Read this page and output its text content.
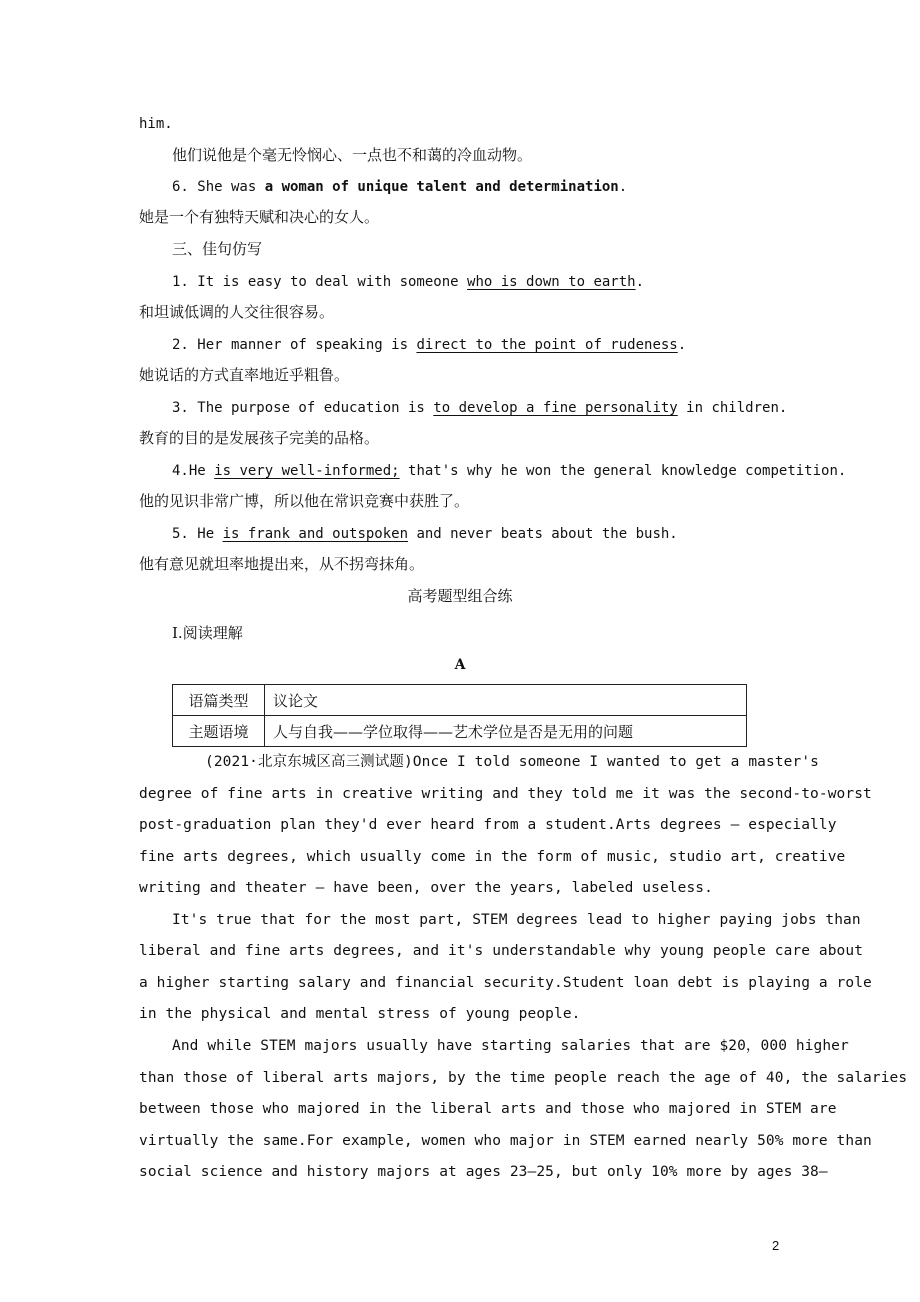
him.
他们说他是个毫无怜悯心、一点也不和蔼的冷血动物。
6. She was a woman of unique talent and determination.
她是一个有独特天赋和决心的女人。
三、佳句仿写
1. It is easy to deal with someone who is down to earth.
和坦诚低调的人交往很容易。
2. Her manner of speaking is direct to the point of rudeness.
她说话的方式直率地近乎粗鲁。
3. The purpose of education is to develop a fine personality in children.
教育的目的是发展孩子完美的品格。
4.He is very well-informed; that's why he won the general knowledge competition.
他的见识非常广博，所以他在常识竞赛中获胜了。
5. He is frank and outspoken and never beats about the bush.
他有意见就坦率地提出来，从不拐弯抹角。
高考题型组合练
Ⅰ.阅读理解
A
语篇类型	议论文
主题语境	人与自我——学位取得——艺术学位是否是无用的问题
(2021·北京东城区高三测试题)Once I told someone I wanted to get a master's
degree of fine arts in creative writing and they told me it was the second-to-worst
post-graduation plan they'd ever heard from a student.Arts degrees — especially
fine arts degrees, which usually come in the form of music, studio art, creative
writing and theater — have been, over the years, labeled useless.
It's true that for the most part, STEM degrees lead to higher paying jobs than
liberal and fine arts degrees, and it's understandable why young people care about
a higher starting salary and financial security.Student loan debt is playing a role
in the physical and mental stress of young people.
And while STEM majors usually have starting salaries that are $20，000 higher
than those of liberal arts majors, by the time people reach the age of 40, the salaries
between those who majored in the liberal arts and those who majored in STEM are
virtually the same.For example, women who major in STEM earned nearly 50% more than
social science and history majors at ages 23—25, but only 10% more by ages 38—
2
